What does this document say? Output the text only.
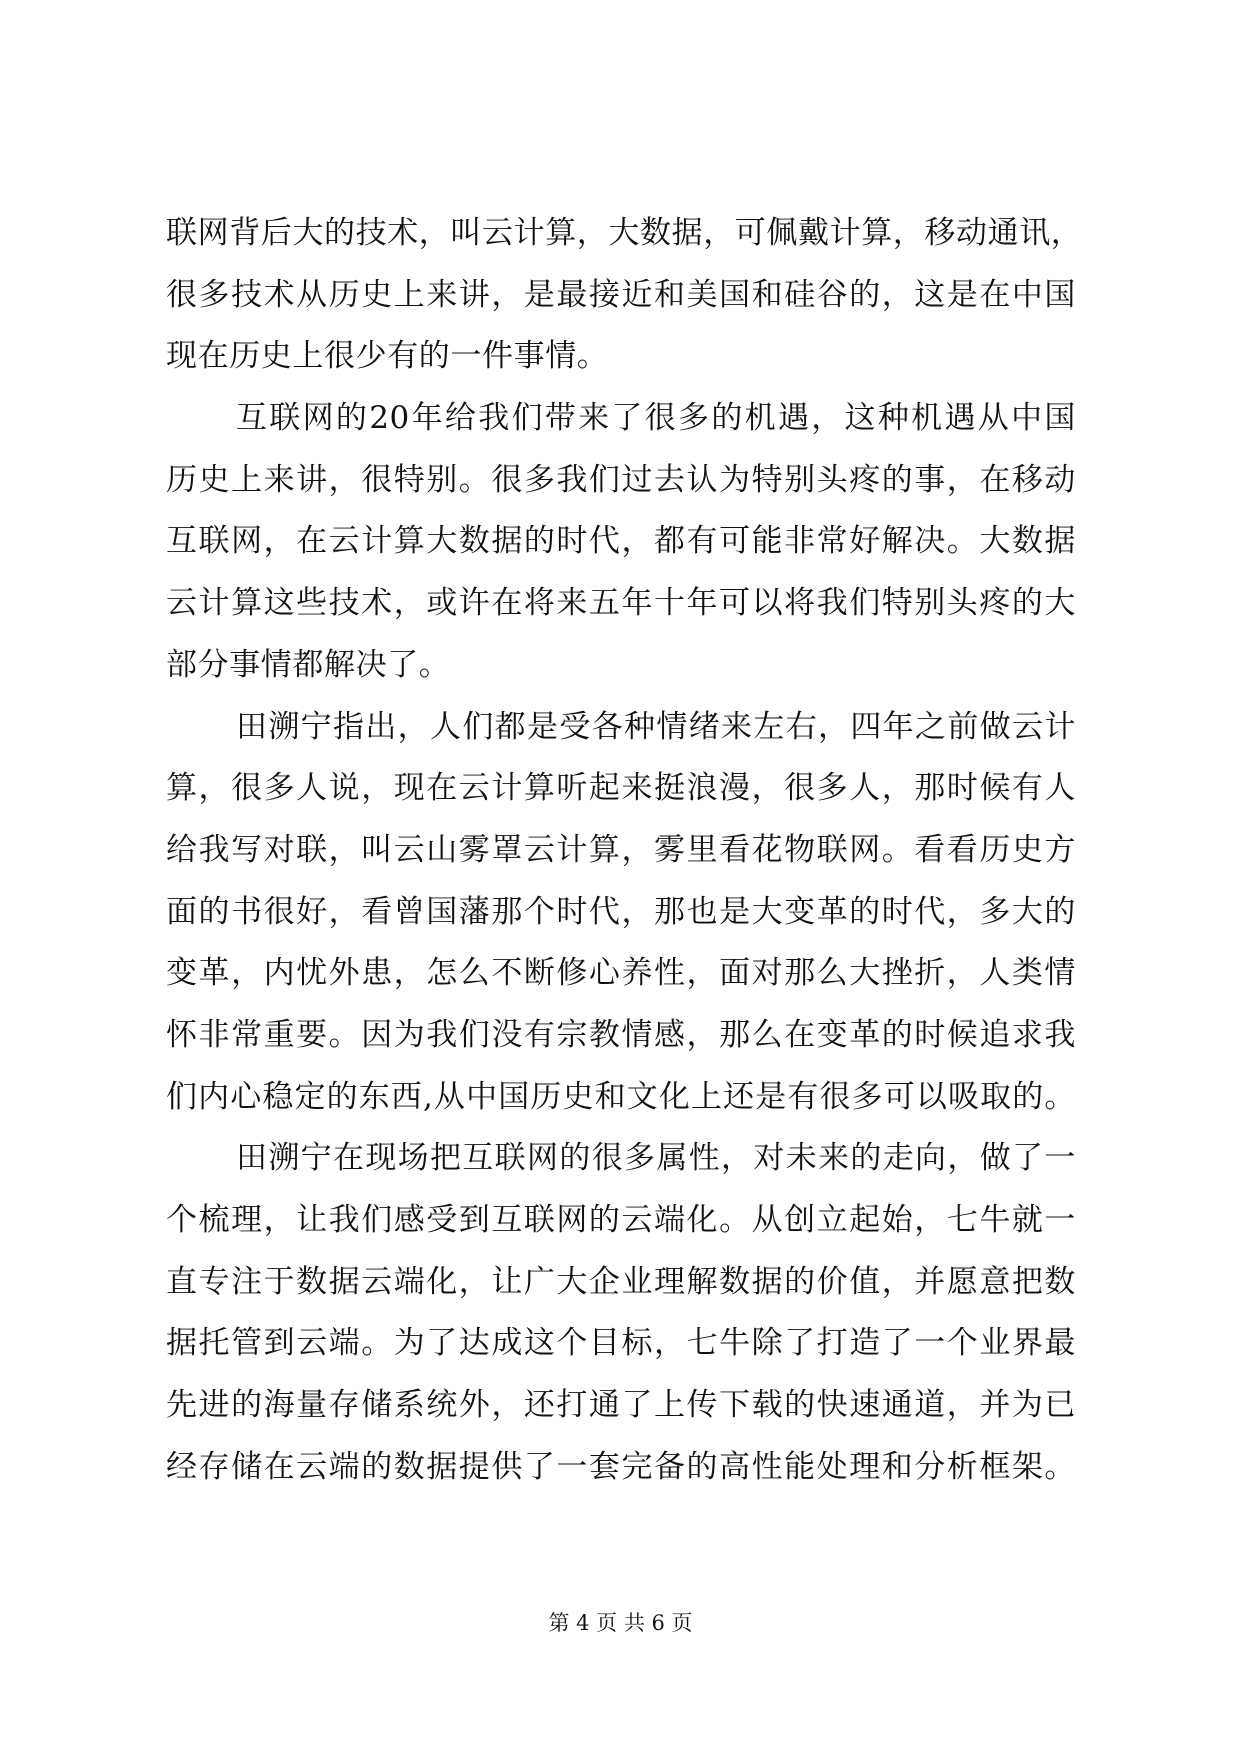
联网背后大的技术，叫云计算，大数据，可佩戴计算，移动通讯，
很多技术从历史上来讲，是最接近和美国和硅谷的，这是在中国
现在历史上很少有的一件事情。
互联网的20年给我们带来了很多的机遇，这种机遇从中国
历史上来讲，很特别。很多我们过去认为特别头疼的事，在移动
互联网，在云计算大数据的时代，都有可能非常好解决。大数据
云计算这些技术，或许在将来五年十年可以将我们特别头疼的大
部分事情都解决了。
田溯宁指出，人们都是受各种情绪来左右，四年之前做云计
算，很多人说，现在云计算听起来挺浪漫，很多人，那时候有人
给我写对联，叫云山雾罩云计算，雾里看花物联网。看看历史方
面的书很好，看曾国藩那个时代，那也是大变革的时代，多大的
变革，内忧外患，怎么不断修心养性，面对那么大挫折，人类情
怀非常重要。因为我们没有宗教情感，那么在变革的时候追求我
们内心稳定的东西,从中国历史和文化上还是有很多可以吸取的。
田溯宁在现场把互联网的很多属性，对未来的走向，做了一
个梳理，让我们感受到互联网的云端化。从创立起始，七牛就一
直专注于数据云端化，让广大企业理解数据的价值，并愿意把数
据托管到云端。为了达成这个目标，七牛除了打造了一个业界最
先进的海量存储系统外，还打通了上传下载的快速通道，并为已
经存储在云端的数据提供了一套完备的高性能处理和分析框架。
第 4 页 共 6 页
